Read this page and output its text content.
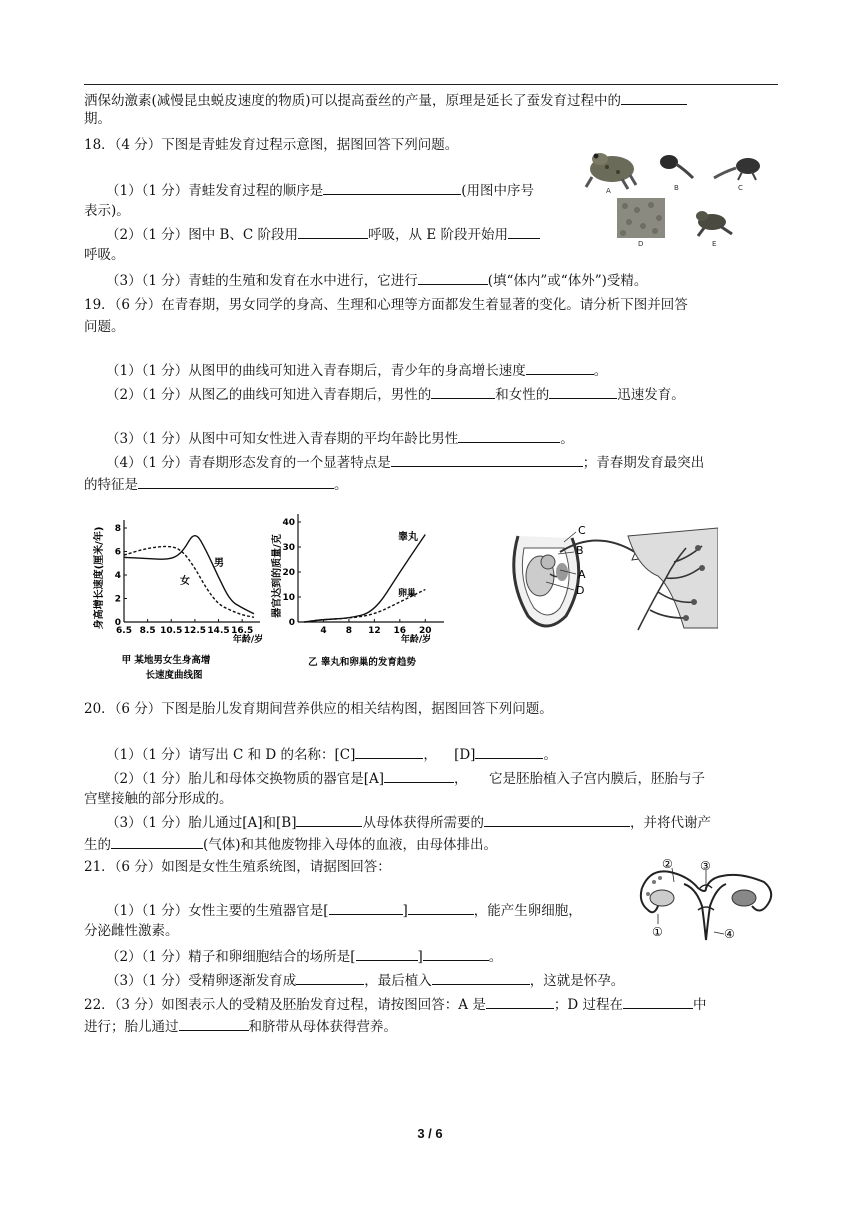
洒保幼激素(减慢昆虫蜕皮速度的物质)可以提高蚕丝的产量，原理是延长了蚕发育过程中的
期。
18．（4 分）下图是青蛙发育过程示意图，据图回答下列问题。
（1）（1 分）青蛙发育过程的顺序是	(用图中序号
表示)。
（2）（1 分）图中 B、C 阶段用	呼吸，从 E 阶段开始用
呼吸。
（3）（1 分）青蛙的生殖和发育在水中进行，它进行	(填“体内”或“体外”)受精。
A	B	C
D	E
19．（6 分）在青春期，男女同学的身高、生理和心理等方面都发生着显著的变化。请分析下图并回答
问题。
（1）（1 分）从图甲的曲线可知进入青春期后，青少年的身高增长速度	。
（2）（1 分）从图乙的曲线可知进入青春期后，男性的	和女性的	迅速发育。
（3）（1 分）从图中可知女性进入青春期的平均年龄比男性	。
（4）（1 分）青春期形态发育的一个显著特点是	；青春期发育最突出
的特征是	。
身高增长速度(厘米/年)
年龄/岁
甲 某地男女生身高增
长速度曲线图
男
女
0
2
4
6
8
6.5 8.5 10.5 12.5 14.5 16.5
器官达到的质量/克
年龄/岁
乙 睾丸和卵巢的发育趋势
睾丸
卵巢
0
10
20
30
40
4 8 12 16 20
C
B
A
D
20．（6 分）下图是胎儿发育期间营养供应的相关结构图，据图回答下列问题。
（1）（1 分）请写出 C 和 D 的名称：[C]	， [D]	。
（2）（1 分）胎儿和母体交换物质的器官是[A]	， 它是胚胎植入子宫内膜后，胚胎与子
宫壁接触的部分形成的。
（3）（1 分）胎儿通过[A]和[B]	从母体获得所需要的	，并将代谢产
生的	(气体)和其他废物排入母体的血液，由母体排出。
21．（6 分）如图是女性生殖系统图，请据图回答：	② ③
①	④
（1）（1 分）女性主要的生殖器官是[	]	，能产生卵细胞，
分泌雌性激素。
（2）（1 分）精子和卵细胞结合的场所是[	]	。
（3）（1 分）受精卵逐渐发育成	，最后植入	，这就是怀孕。
22．（3 分）如图表示人的受精及胚胎发育过程，请按图回答：A 是	；D 过程在	中
进行；胎儿通过	和脐带从母体获得营养。
3 / 6
